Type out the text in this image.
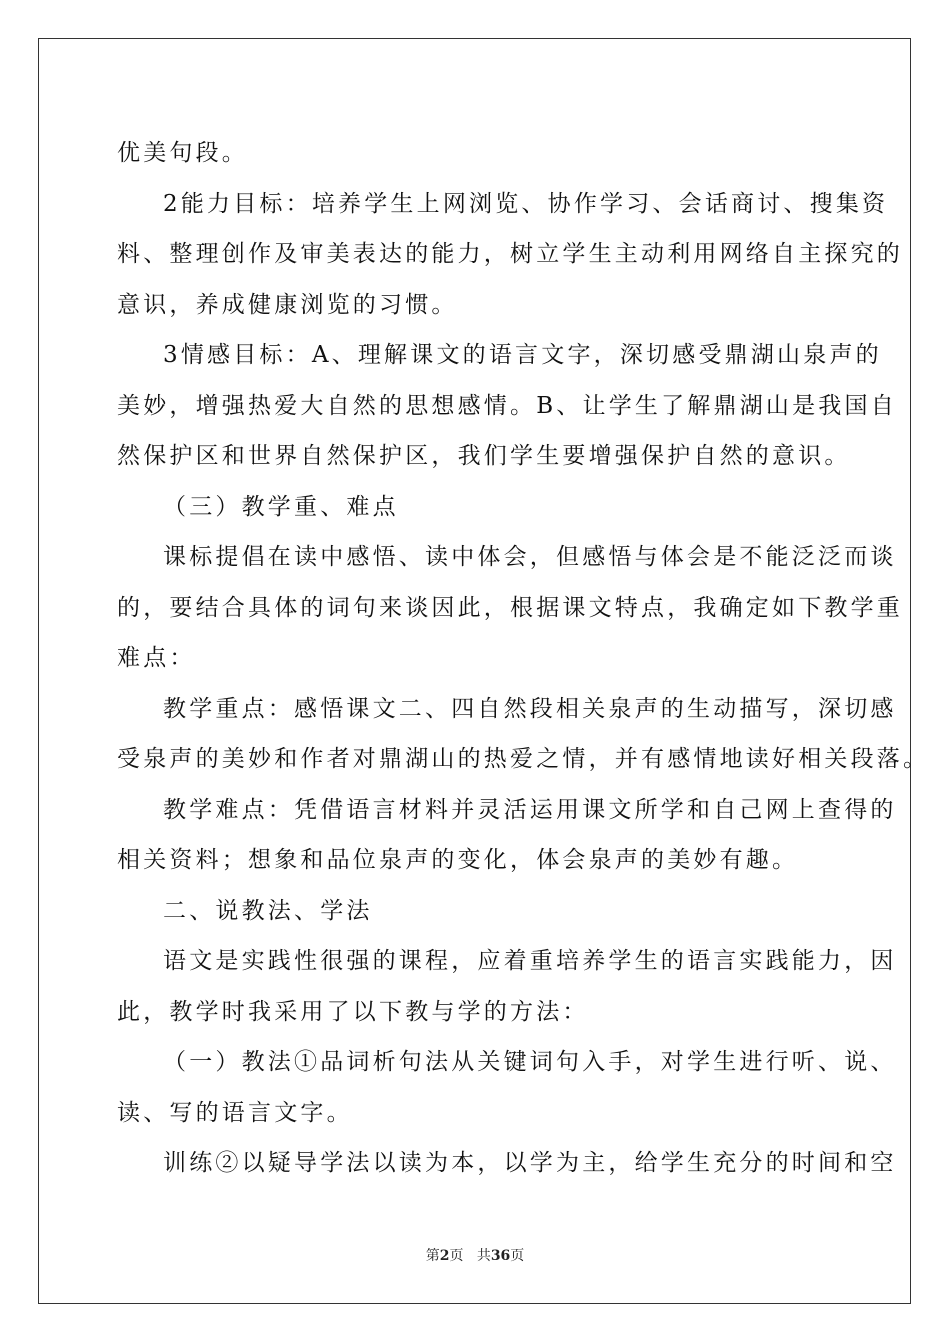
优美句段。

2能力目标：培养学生上网浏览、协作学习、会话商讨、搜集资

料、整理创作及审美表达的能力，树立学生主动利用网络自主探究的

意识，养成健康浏览的习惯。

3情感目标：A、理解课文的语言文字，深切感受鼎湖山泉声的

美妙，增强热爱大自然的思想感情。B、让学生了解鼎湖山是我国自

然保护区和世界自然保护区，我们学生要增强保护自然的意识。

（三）教学重、难点

课标提倡在读中感悟、读中体会，但感悟与体会是不能泛泛而谈

的，要结合具体的词句来谈因此，根据课文特点，我确定如下教学重

难点：

教学重点：感悟课文二、四自然段相关泉声的生动描写，深切感

受泉声的美妙和作者对鼎湖山的热爱之情，并有感情地读好相关段落。

教学难点：凭借语言材料并灵活运用课文所学和自己网上查得的

相关资料；想象和品位泉声的变化，体会泉声的美妙有趣。

二、说教法、学法

语文是实践性很强的课程，应着重培养学生的语言实践能力，因

此，教学时我采用了以下教与学的方法：

（一）教法①品词析句法从关键词句入手，对学生进行听、说、

读、写的语言文字。

训练②以疑导学法以读为本，以学为主，给学生充分的时间和空

第2页 共36页
